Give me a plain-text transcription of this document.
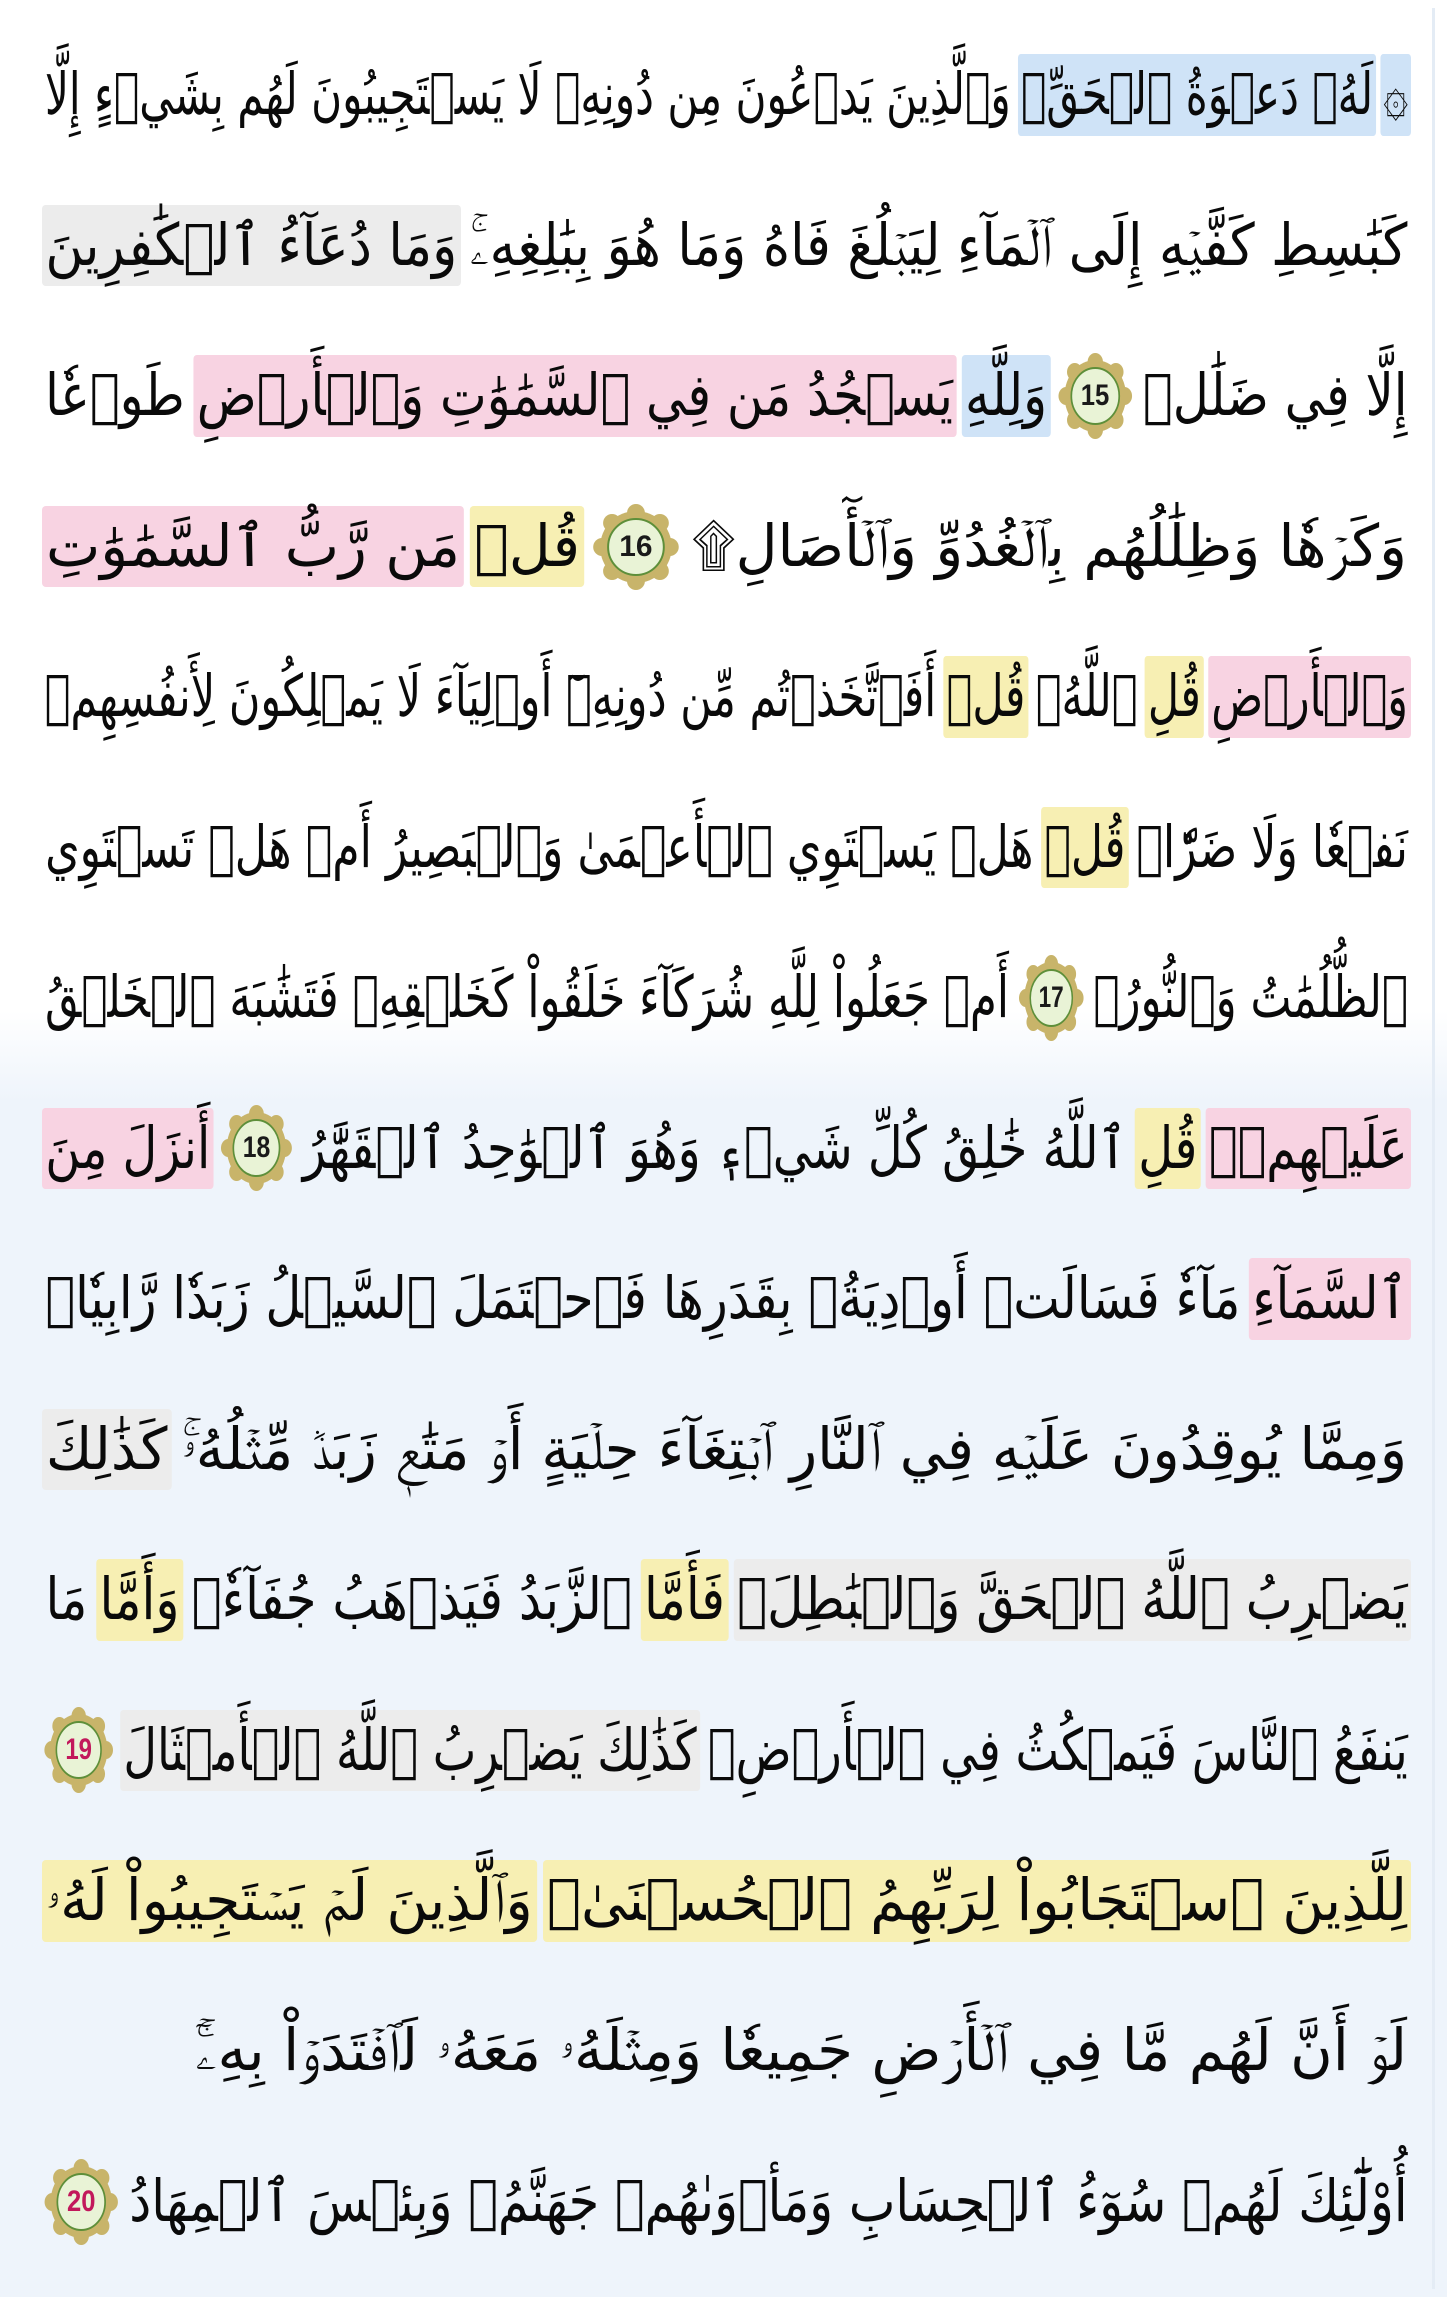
۞
لَهُۥ دَعۡوَةُ ٱلۡحَقِّۖ
وَٱلَّذِينَ يَدۡعُونَ مِن دُونِهِۦ لَا يَسۡتَجِيبُونَ لَهُم بِشَيۡءٍ إِلَّا
كَبَٰسِطِ كَفَّيۡهِ إِلَى ٱلۡمَآءِ لِيَبۡلُغَ فَاهُ وَمَا هُوَ بِبَٰلِغِهِۦۚ
وَمَا دُعَآءُ ٱلۡكَٰفِرِينَ
إِلَّا فِي ضَلَٰلٖ
15
وَلِلَّهِ
يَسۡجُدُ مَن فِي ٱلسَّمَٰوَٰتِ وَٱلۡأَرۡضِ
طَوۡعٗا
وَكَرۡهٗا وَظِلَٰلُهُم بِٱلۡغُدُوِّ وَٱلۡأٓصَالِ۩
16
قُلۡ
مَن رَّبُّ ٱلسَّمَٰوَٰتِ
وَٱلۡأَرۡضِ
قُلِ
ٱللَّهُۚ
قُلۡ
أَفَٱتَّخَذۡتُم مِّن دُونِهِۦٓ أَوۡلِيَآءَ لَا يَمۡلِكُونَ لِأَنفُسِهِمۡ
نَفۡعٗا وَلَا ضَرّٗاۚ
قُلۡ
هَلۡ يَسۡتَوِي ٱلۡأَعۡمَىٰ وَٱلۡبَصِيرُ أَمۡ هَلۡ تَسۡتَوِي
ٱلظُّلُمَٰتُ وَٱلنُّورُۗ
17
أَمۡ جَعَلُواْ لِلَّهِ شُرَكَآءَ خَلَقُواْ كَخَلۡقِهِۦ فَتَشَٰبَهَ ٱلۡخَلۡقُ
عَلَيۡهِمۡۚ
قُلِ
ٱللَّهُ خَٰلِقُ كُلِّ شَيۡءٖ وَهُوَ ٱلۡوَٰحِدُ ٱلۡقَهَّٰرُ
18
أَنزَلَ مِنَ
ٱلسَّمَآءِ
مَآءٗ فَسَالَتۡ أَوۡدِيَةُۢ بِقَدَرِهَا فَٱحۡتَمَلَ ٱلسَّيۡلُ زَبَدٗا رَّابِيٗاۖ
وَمِمَّا يُوقِدُونَ عَلَيۡهِ فِي ٱلنَّارِ ٱبۡتِغَآءَ حِلۡيَةٍ أَوۡ مَتَٰعٖ زَبَدٞ مِّثۡلُهُۥۚ
كَذَٰلِكَ
يَضۡرِبُ ٱللَّهُ ٱلۡحَقَّ وَٱلۡبَٰطِلَۚ
فَأَمَّا
ٱلزَّبَدُ فَيَذۡهَبُ جُفَآءٗۖ
وَأَمَّا
مَا
يَنفَعُ ٱلنَّاسَ فَيَمۡكُثُ فِي ٱلۡأَرۡضِۚ
كَذَٰلِكَ يَضۡرِبُ ٱللَّهُ ٱلۡأَمۡثَالَ
19
لِلَّذِينَ ٱسۡتَجَابُواْ لِرَبِّهِمُ ٱلۡحُسۡنَىٰۚ
وَٱلَّذِينَ لَمۡ يَسۡتَجِيبُواْ لَهُۥ
لَوۡ أَنَّ لَهُم مَّا فِي ٱلۡأَرۡضِ جَمِيعٗا وَمِثۡلَهُۥ مَعَهُۥ لَٱفۡتَدَوۡاْ بِهِۦٓۚ
أُوْلَٰٓئِكَ لَهُمۡ سُوٓءُ ٱلۡحِسَابِ وَمَأۡوَىٰهُمۡ جَهَنَّمُۖ وَبِئۡسَ ٱلۡمِهَادُ
20
